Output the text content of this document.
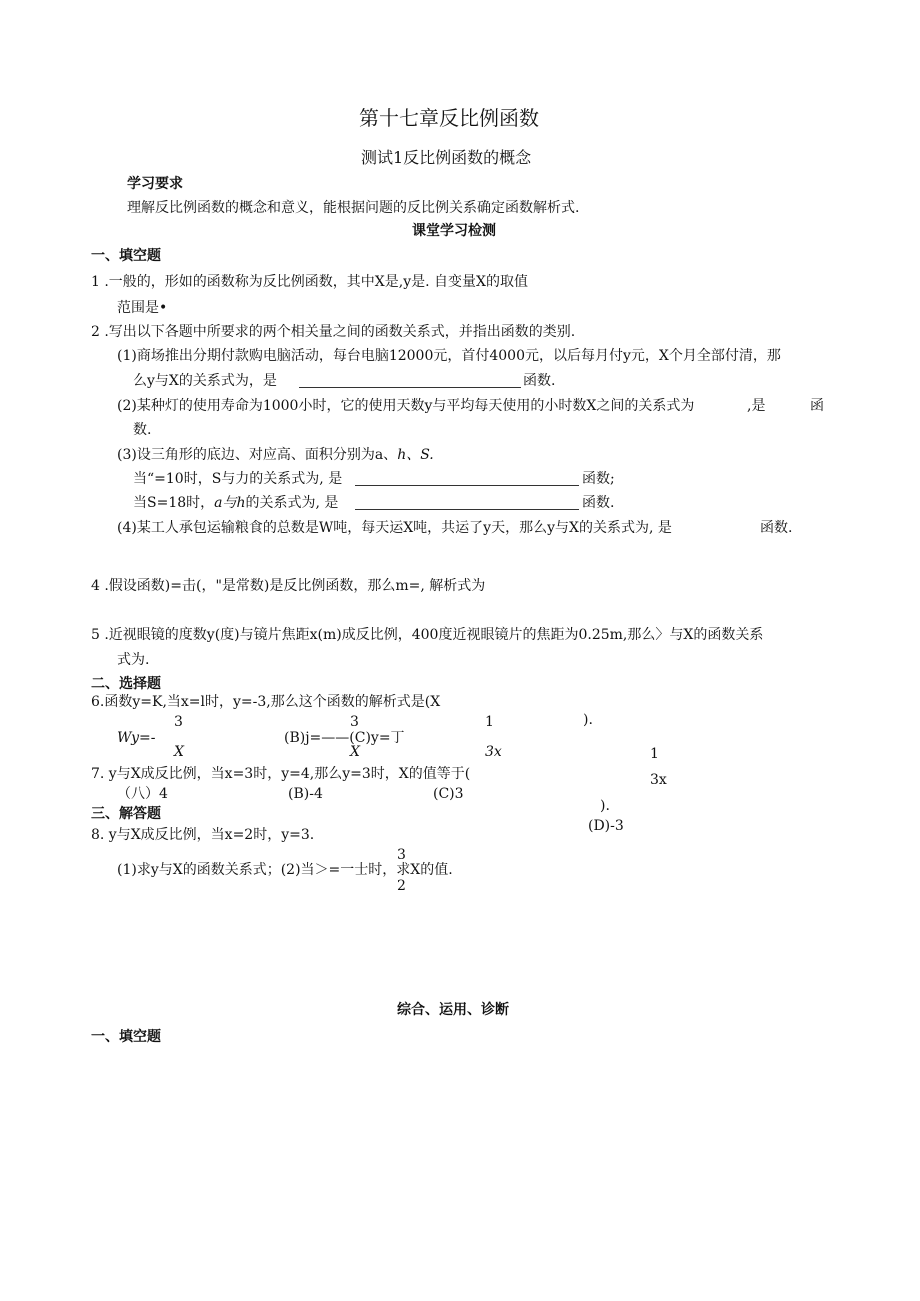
第十七章反比例函数
测试1反比例函数的概念
学习要求
理解反比例函数的概念和意义，能根据问题的反比例关系确定函数解析式.
课堂学习检测
一、填空题
1 .一般的，形如的函数称为反比例函数，其中X是,y是. 自变量X的取值
范围是•
2 .写出以下各题中所要求的两个相关量之间的函数关系式，并指出函数的类别.
(1)商场推出分期付款购电脑活动，每台电脑12000元，首付4000元，以后每月付y元，X个月全部付清，那
么y与X的关系式为，是	函数.
(2)某种灯的使用寿命为1000小时，它的使用天数y与平均每天使用的小时数X之间的关系式为	,是	函
数.
(3)设三角形的底边、对应高、面积分别为a、h、S.
当“=10时，S与力的关系式为, 是	函数;
当S=18时，a与h的关系式为, 是	函数.
(4)某工人承包运输粮食的总数是W吨，每天运X吨，共运了y天，那么y与X的关系式为, 是	函数.
4 .假设函数)=击(，"是常数)是反比例函数，那么m=, 解析式为
5 .近视眼镜的度数y(度)与镜片焦距x(m)成反比例，400度近视眼镜片的焦距为0.25m,那么〉与X的函数关系
式为.
二、选择题
6.函数y=K,当x=l时，y=-3,那么这个函数的解析式是(X
3	3	1	).
Wy=-	(B)j=——(C)y=丁
X	X	3x	1
3x
7. y与X成反比例，当x=3时，y=4,那么y=3时，X的值等于(
（八）4	(B)-4	(C)3
).
三、解答题
(D)-3
8. y与X成反比例，当x=2时，y=3.
3
(1)求y与X的函数关系式；(2)当＞=一士时，求X的值.
2
综合、运用、诊断
一、填空题
